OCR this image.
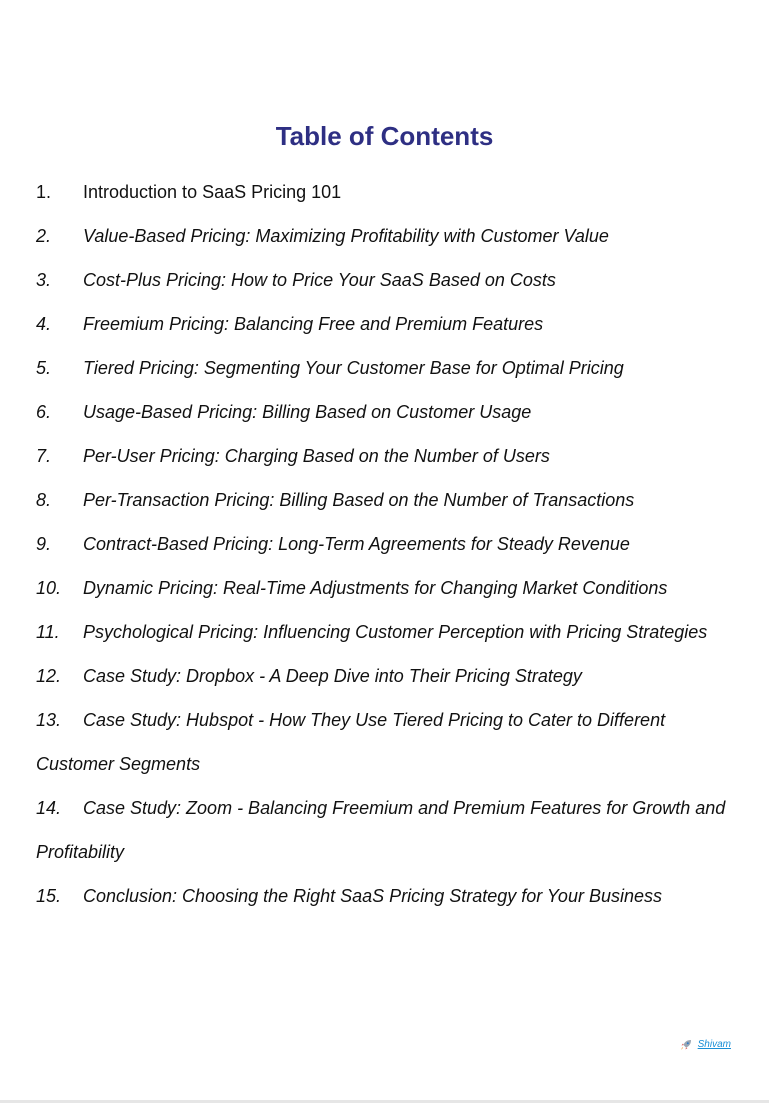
Table of Contents
1. Introduction to SaaS Pricing 101
2. Value-Based Pricing: Maximizing Profitability with Customer Value
3. Cost-Plus Pricing: How to Price Your SaaS Based on Costs
4. Freemium Pricing: Balancing Free and Premium Features
5. Tiered Pricing: Segmenting Your Customer Base for Optimal Pricing
6. Usage-Based Pricing: Billing Based on Customer Usage
7. Per-User Pricing: Charging Based on the Number of Users
8. Per-Transaction Pricing: Billing Based on the Number of Transactions
9. Contract-Based Pricing: Long-Term Agreements for Steady Revenue
10. Dynamic Pricing: Real-Time Adjustments for Changing Market Conditions
11. Psychological Pricing: Influencing Customer Perception with Pricing Strategies
12. Case Study: Dropbox - A Deep Dive into Their Pricing Strategy
13. Case Study: Hubspot - How They Use Tiered Pricing to Cater to Different
Customer Segments
14. Case Study: Zoom - Balancing Freemium and Premium Features for Growth and
Profitability
15. Conclusion: Choosing the Right SaaS Pricing Strategy for Your Business
Shivam
